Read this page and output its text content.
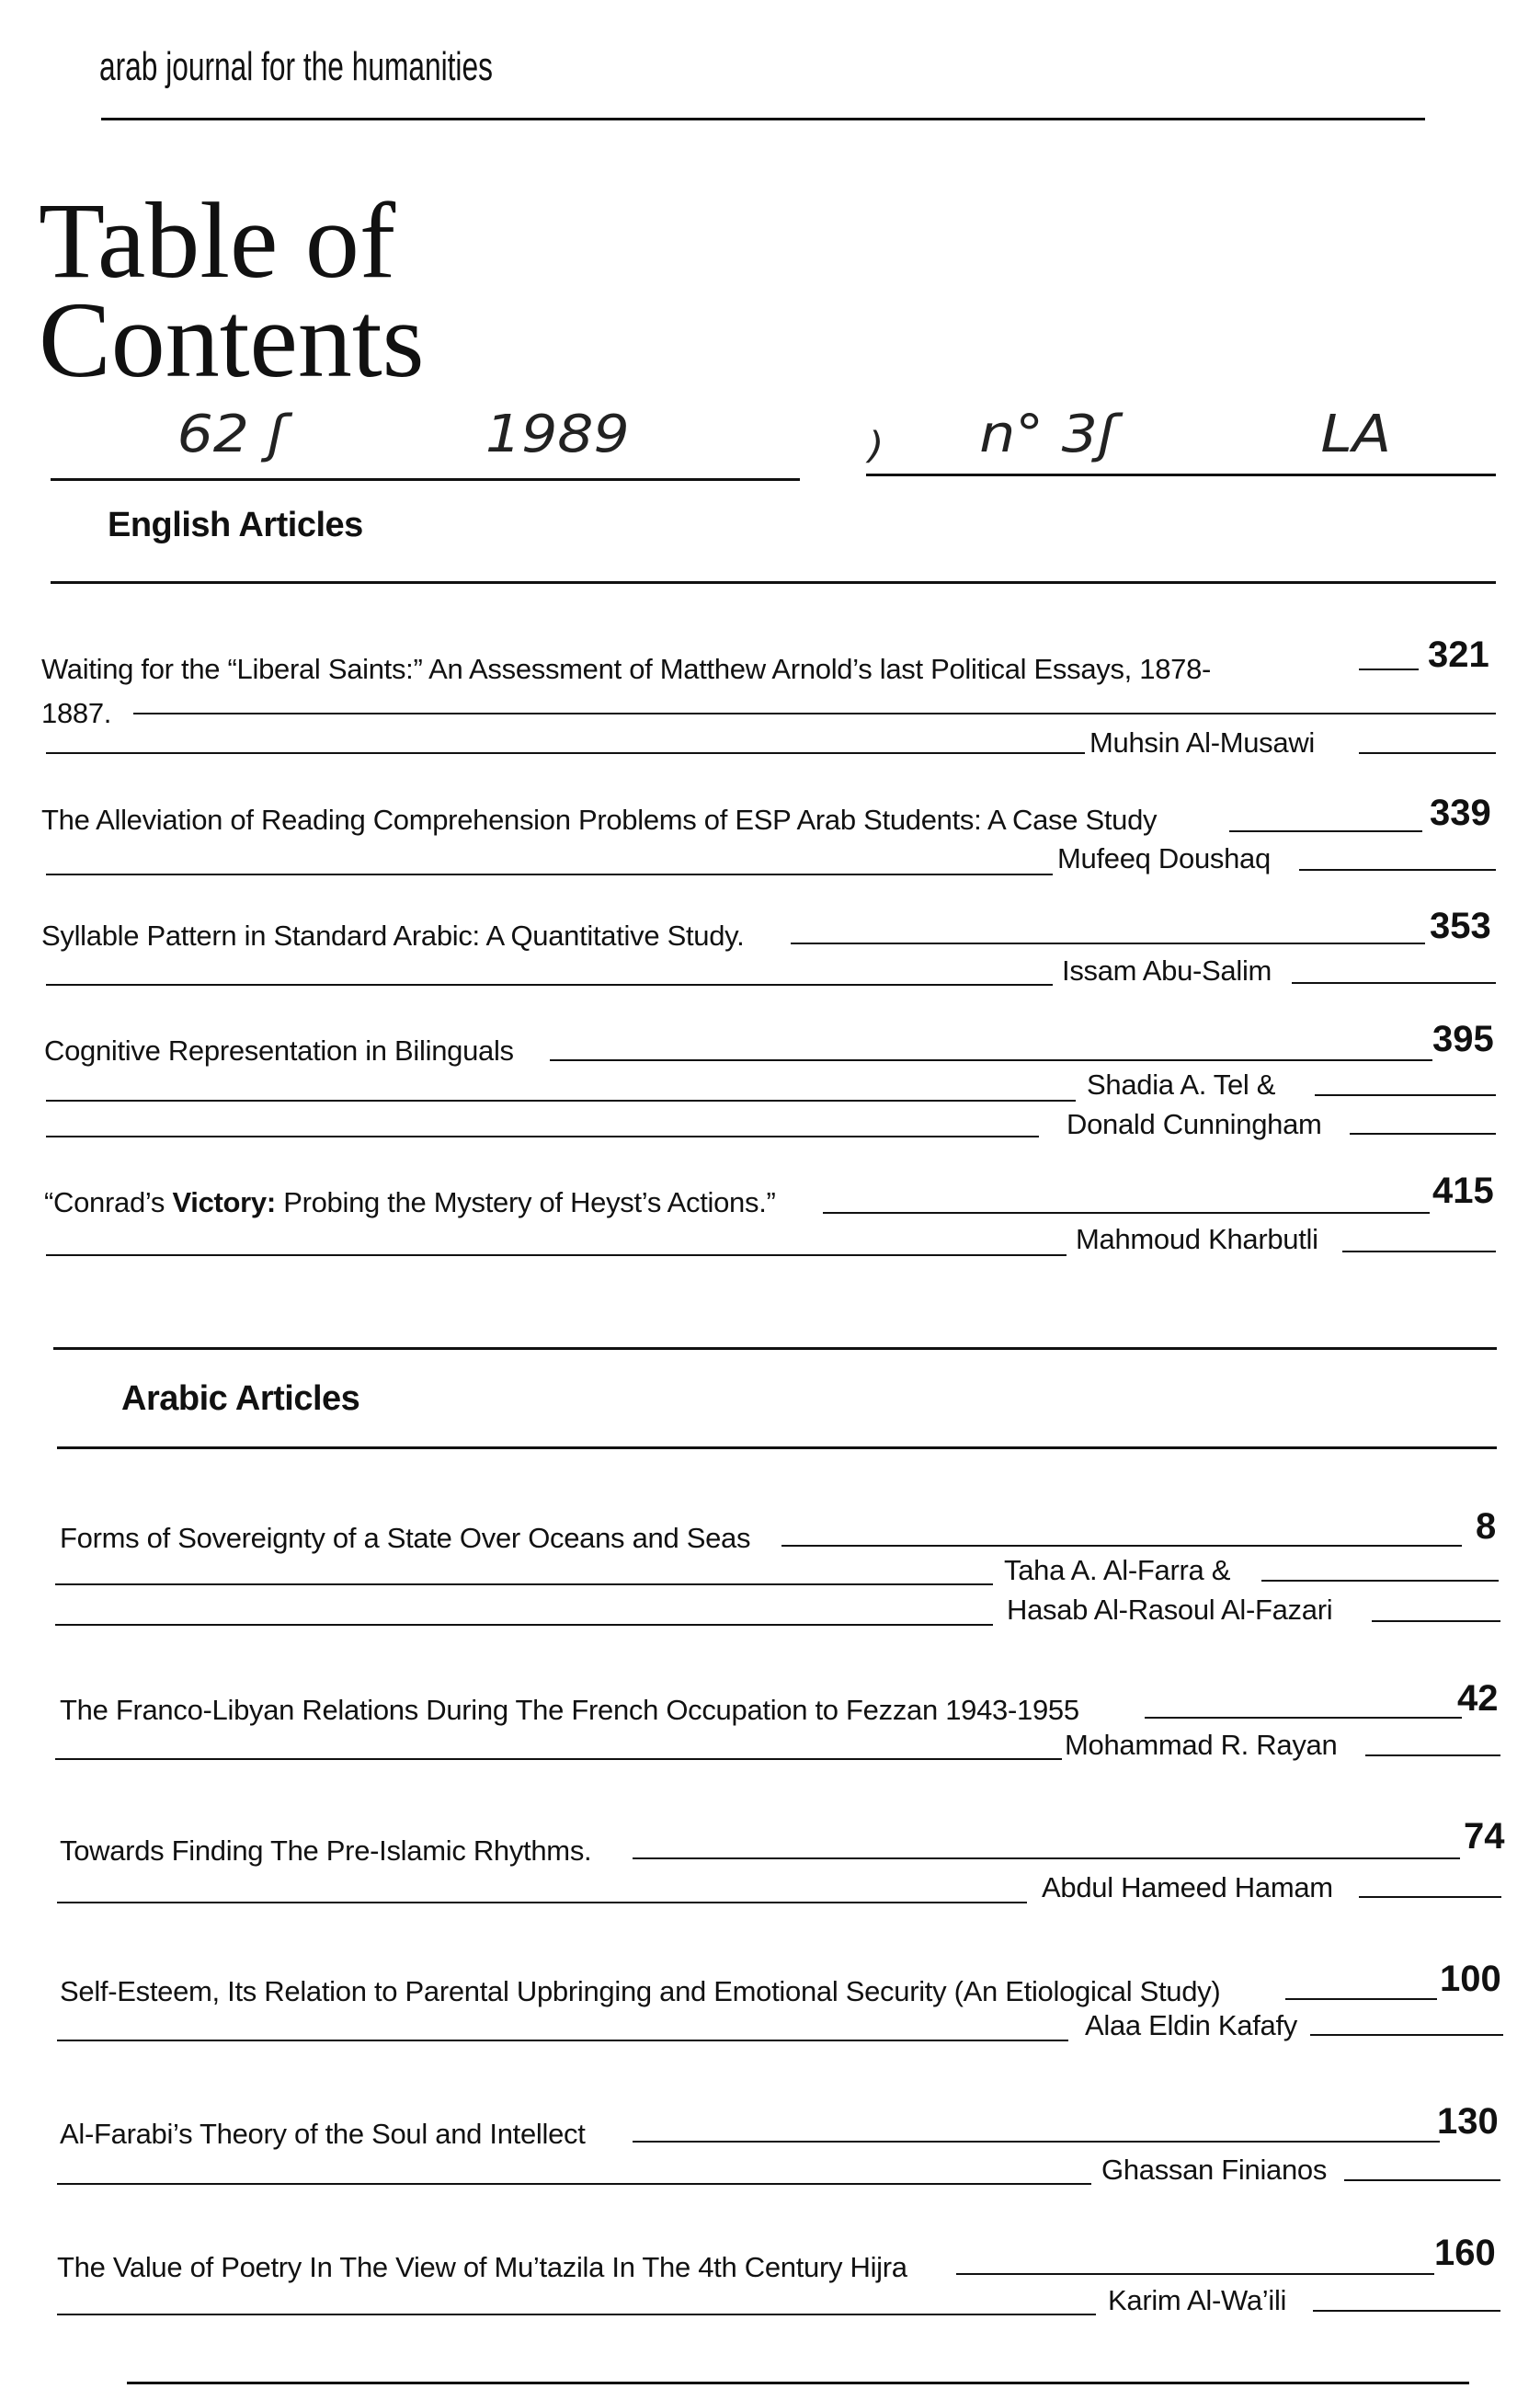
arab journal for the humanities
Table of
Contents
62 ʃ	1989	) n° 3ʃ	LA
English Articles
Waiting for the “Liberal Saints:” An Assessment of Matthew Arnold’s last Political Essays, 1878-	321
1887.
Muhsin Al-Musawi
The Alleviation of Reading Comprehension Problems of ESP Arab Students: A Case Study	339
Mufeeq Doushaq
Syllable Pattern in Standard Arabic: A Quantitative Study.	353
Issam Abu-Salim
Cognitive Representation in Bilinguals	395
Shadia A. Tel &
Donald Cunningham
“Conrad’s Victory: Probing the Mystery of Heyst’s Actions.”	415
Mahmoud Kharbutli
Arabic Articles
Forms of Sovereignty of a State Over Oceans and Seas	8
Taha A. Al-Farra &
Hasab Al-Rasoul Al-Fazari
The Franco-Libyan Relations During The French Occupation to Fezzan 1943-1955	42
Mohammad R. Rayan
Towards Finding The Pre-Islamic Rhythms.	74
Abdul Hameed Hamam
Self-Esteem, Its Relation to Parental Upbringing and Emotional Security (An Etiological Study)	100
Alaa Eldin Kafafy
Al-Farabi’s Theory of the Soul and Intellect	130
Ghassan Finianos
The Value of Poetry In The View of Mu’tazila In The 4th Century Hijra	160
Karim Al-Wa’ili
